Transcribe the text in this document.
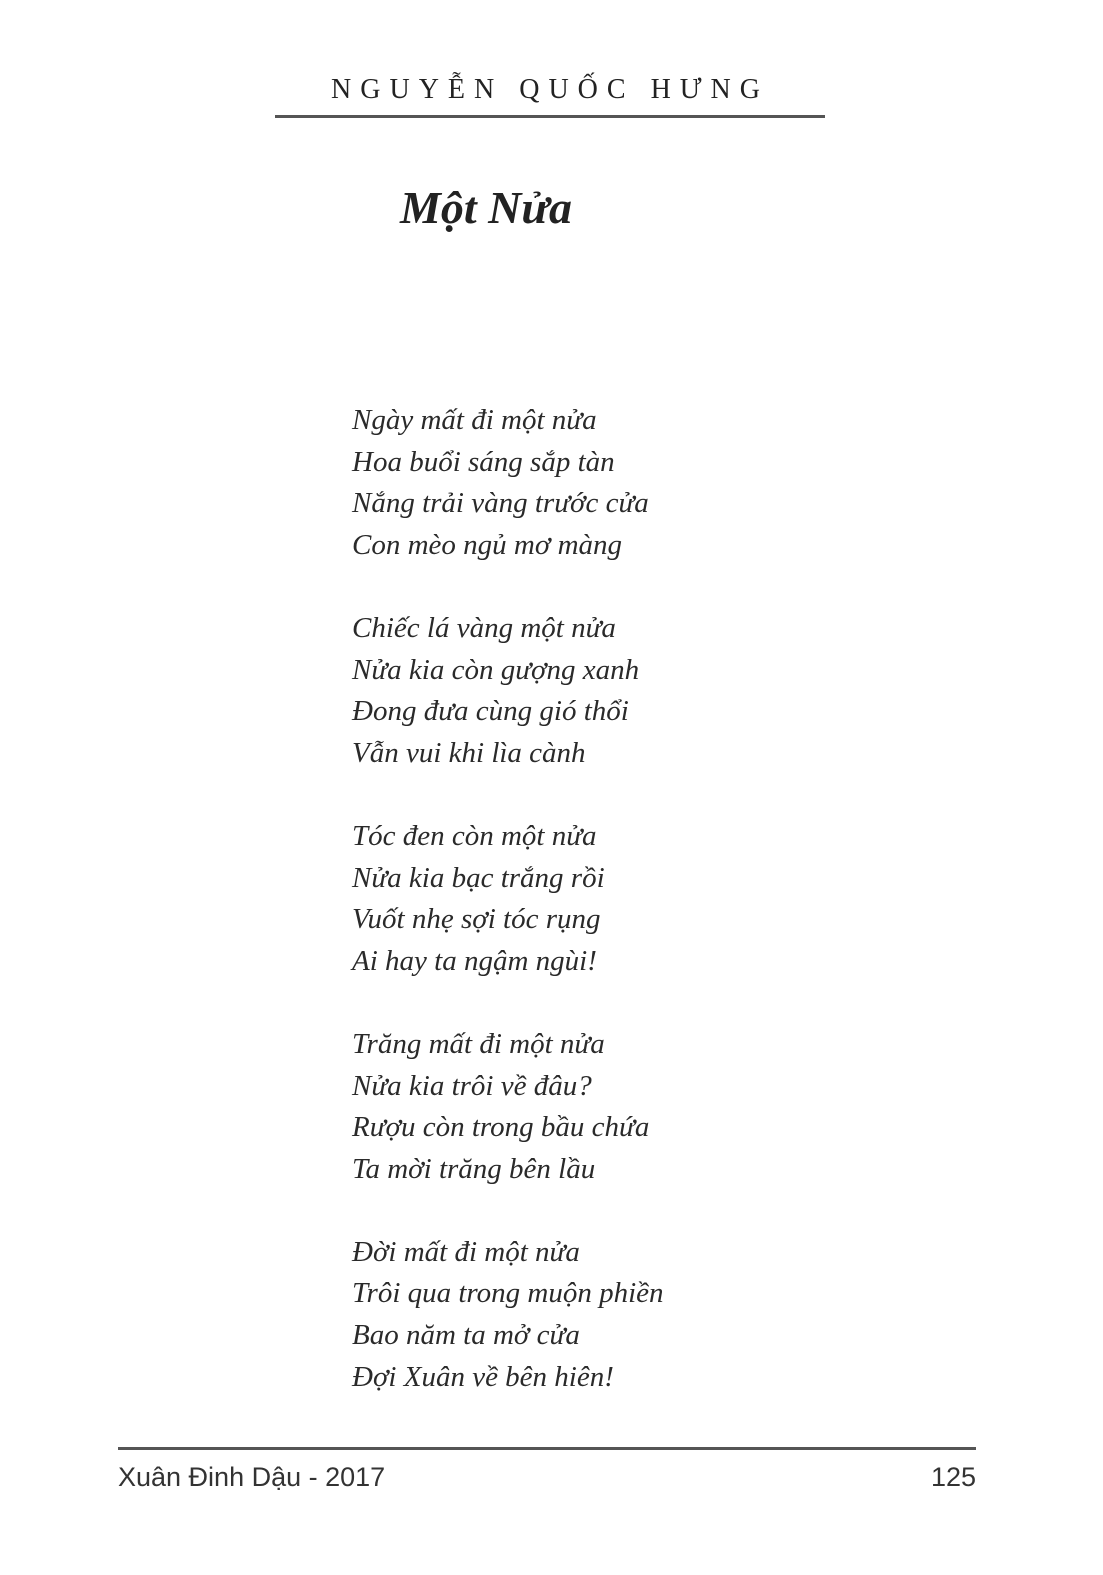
NGUYỄN QUỐC HƯNG
Một Nửa
Ngày mất đi một nửa
Hoa buổi sáng sắp tàn
Nắng trải vàng trước cửa
Con mèo ngủ mơ màng
Chiếc lá vàng một nửa
Nửa kia còn gượng xanh
Đong đưa cùng gió thổi
Vẫn vui khi lìa cành
Tóc đen còn một nửa
Nửa kia bạc trắng rồi
Vuốt nhẹ sợi tóc rụng
Ai hay ta ngậm ngùi!
Trăng mất đi một nửa
Nửa kia trôi về đâu?
Rượu còn trong bầu chứa
Ta mời trăng bên lầu
Đời mất đi một nửa
Trôi qua trong muộn phiền
Bao năm ta mở cửa
Đợi Xuân về bên hiên!
Xuân Đinh Dậu - 2017	125
